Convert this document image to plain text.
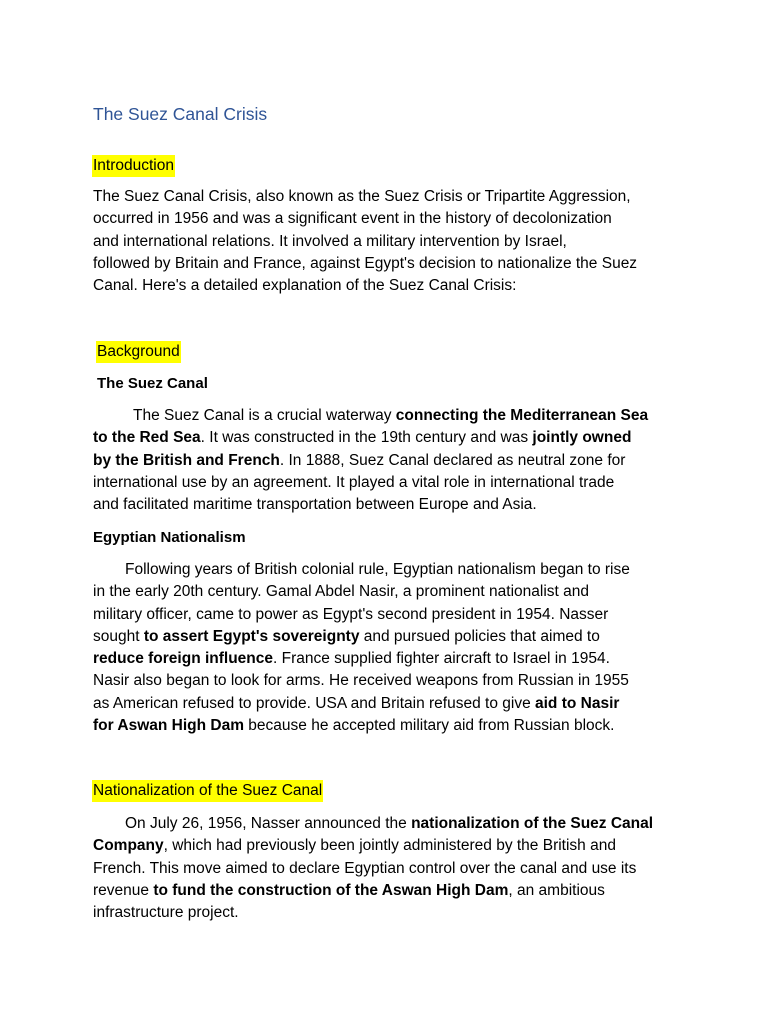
The Suez Canal Crisis
Introduction
The Suez Canal Crisis, also known as the Suez Crisis or Tripartite Aggression,
occurred in 1956 and was a significant event in the history of decolonization
and international relations. It involved a military intervention by Israel,
followed by Britain and France, against Egypt's decision to nationalize the Suez
Canal. Here's a detailed explanation of the Suez Canal Crisis:
Background
The Suez Canal
The Suez Canal is a crucial waterway connecting the Mediterranean Sea
to the Red Sea. It was constructed in the 19th century and was jointly owned
by the British and French. In 1888, Suez Canal declared as neutral zone for
international use by an agreement. It played a vital role in international trade
and facilitated maritime transportation between Europe and Asia.
Egyptian Nationalism
Following years of British colonial rule, Egyptian nationalism began to rise
in the early 20th century. Gamal Abdel Nasir, a prominent nationalist and
military officer, came to power as Egypt's second president in 1954. Nasser
sought to assert Egypt's sovereignty and pursued policies that aimed to
reduce foreign influence. France supplied fighter aircraft to Israel in 1954.
Nasir also began to look for arms. He received weapons from Russian in 1955
as American refused to provide. USA and Britain refused to give aid to Nasir
for Aswan High Dam because he accepted military aid from Russian block.
Nationalization of the Suez Canal
On July 26, 1956, Nasser announced the nationalization of the Suez Canal
Company, which had previously been jointly administered by the British and
French. This move aimed to declare Egyptian control over the canal and use its
revenue to fund the construction of the Aswan High Dam, an ambitious
infrastructure project.
